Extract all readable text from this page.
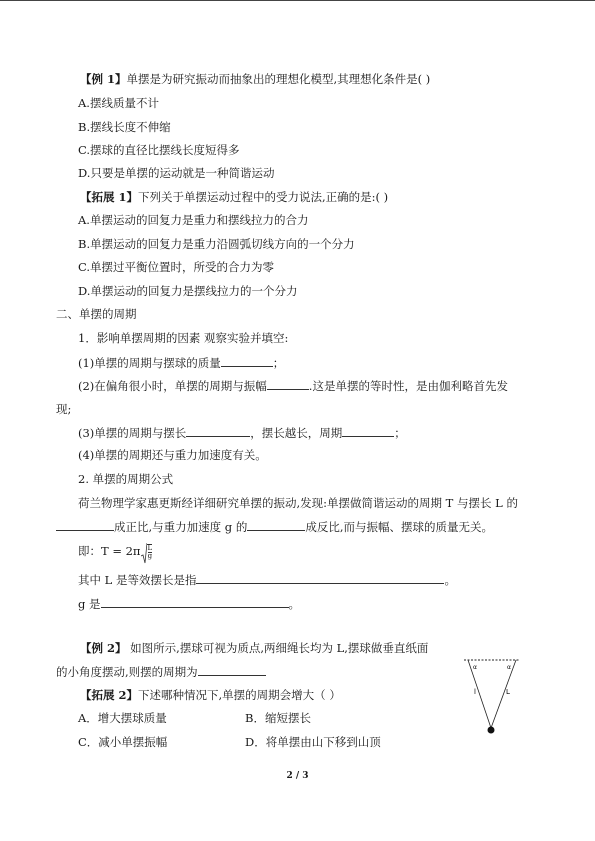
【例 1】单摆是为研究振动而抽象出的理想化模型,其理想化条件是( )
A.摆线质量不计
B.摆线长度不伸缩
C.摆球的直径比摆线长度短得多
D.只要是单摆的运动就是一种简谐运动
【拓展 1】下列关于单摆运动过程中的受力说法,正确的是:( )
A.单摆运动的回复力是重力和摆线拉力的合力
B.单摆运动的回复力是重力沿圆弧切线方向的一个分力
C.单摆过平衡位置时，所受的合力为零
D.单摆运动的回复力是摆线拉力的一个分力
二、单摆的周期
1．影响单摆周期的因素 观察实验并填空:
(1)单摆的周期与摆球的质量	；
(2)在偏角很小时，单摆的周期与振幅	.这是单摆的等时性，是由伽利略首先发
现;
(3)单摆的周期与摆长	，摆长越长，周期	；
(4)单摆的周期还与重力加速度有关。
2. 单摆的周期公式
荷兰物理学家惠更斯经详细研究单摆的振动,发现:单摆做简谐运动的周期 T 与摆长 L 的
成正比,与重力加速度 g 的	成反比,而与振幅、摆球的质量无关。
即：$T = 2\pi \frac{L}{g}$
其中 L 是等效摆长是指	。
g 是	。
【例 2】 如图所示,摆球可视为质点,两细绳长均为 L,摆球做垂直纸面
的小角度摆动,则摆的周期为	α	α
l	L
【拓展 2】下述哪种情况下,单摆的周期会增大（ ）
A．增大摆球质量	B．缩短摆长
C．减小单摆振幅	D．将单摆由山下移到山顶
2 / 3
